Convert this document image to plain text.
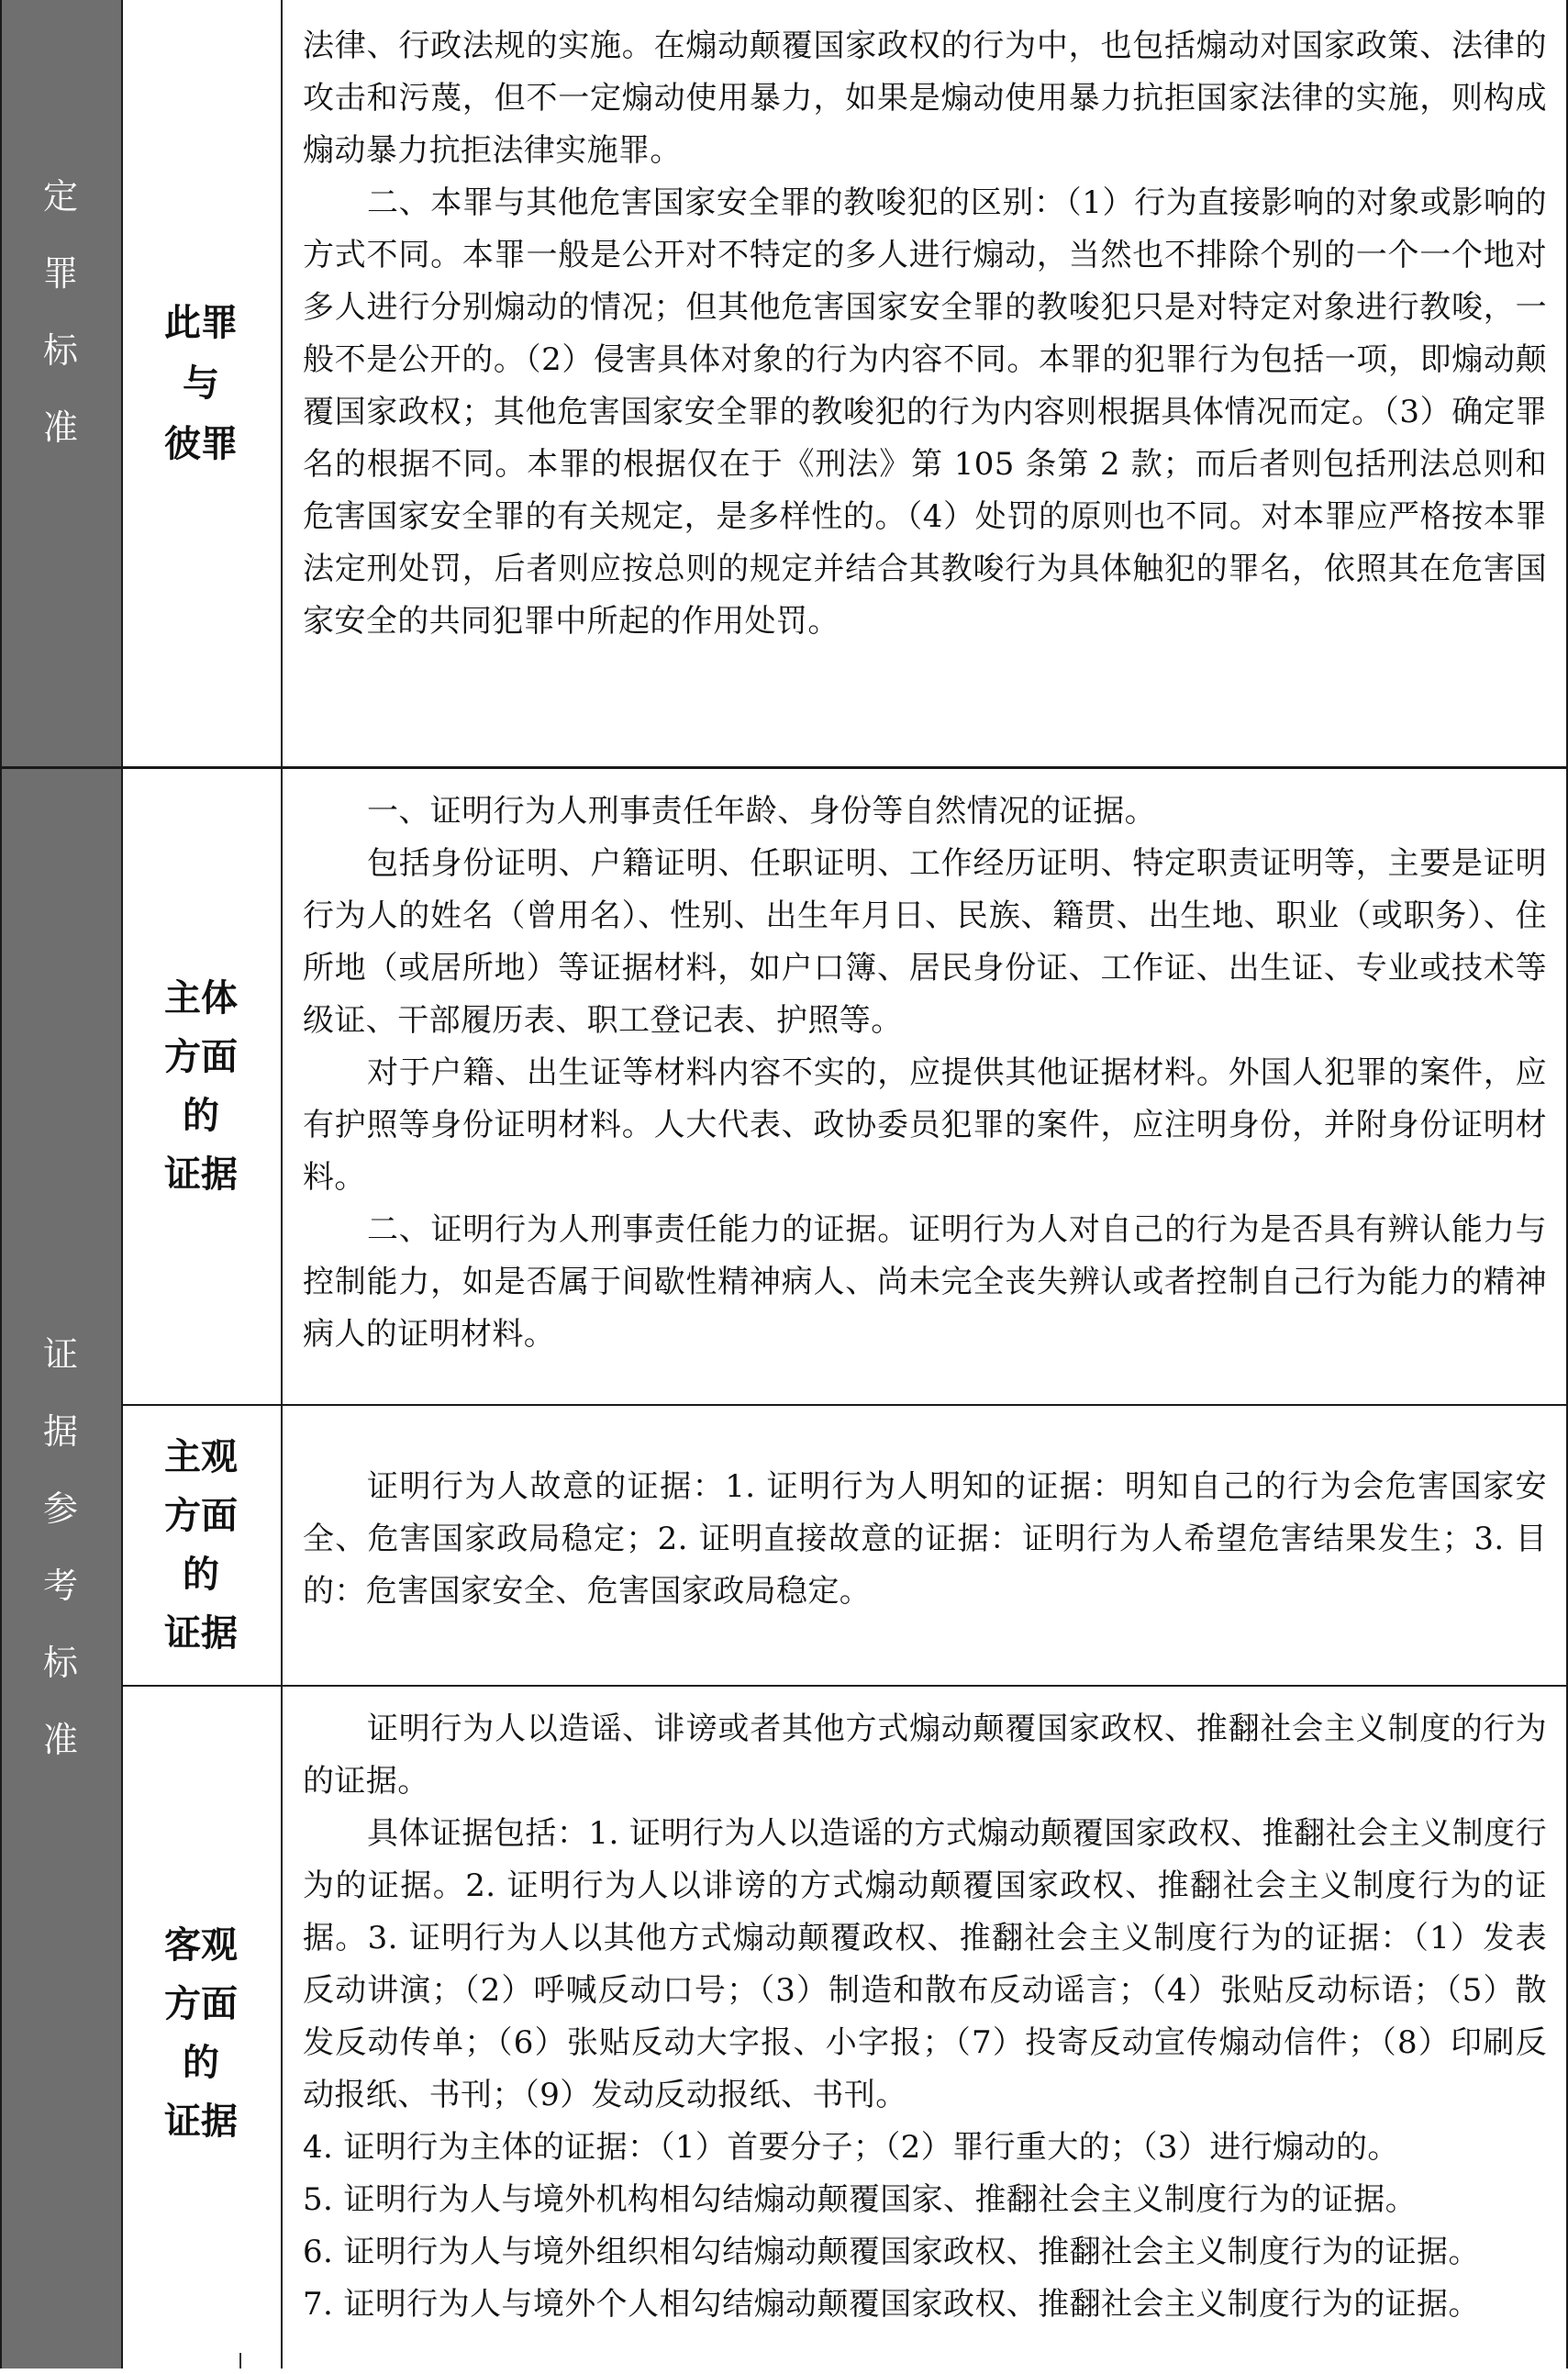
定
罪
标
准
证
据
参
考
标
准
此罪
与
彼罪
主体
方面
的
证据
主观
方面
的
证据
客观
方面
的
证据

法律、行政法规的实施。在煽动颠覆国家政权的行为中，也包括煽动对国家政策、法律的攻击和污蔑，但不一定煽动使用暴力，如果是煽动使用暴力抗拒国家法律的实施，则构成煽动暴力抗拒法律实施罪。

二、本罪与其他危害国家安全罪的教唆犯的区别：（1）行为直接影响的对象或影响的方式不同。本罪一般是公开对不特定的多人进行煽动，当然也不排除个别的一个一个地对多人进行分别煽动的情况；但其他危害国家安全罪的教唆犯只是对特定对象进行教唆，一般不是公开的。（2）侵害具体对象的行为内容不同。本罪的犯罪行为包括一项，即煽动颠覆国家政权；其他危害国家安全罪的教唆犯的行为内容则根据具体情况而定。（3）确定罪名的根据不同。本罪的根据仅在于《刑法》第 105 条第 2 款；而后者则包括刑法总则和危害国家安全罪的有关规定，是多样性的。（4）处罚的原则也不同。对本罪应严格按本罪法定刑处罚，后者则应按总则的规定并结合其教唆行为具体触犯的罪名，依照其在危害国家安全的共同犯罪中所起的作用处罚。

一、证明行为人刑事责任年龄、身份等自然情况的证据。

包括身份证明、户籍证明、任职证明、工作经历证明、特定职责证明等，主要是证明行为人的姓名（曾用名）、性别、出生年月日、民族、籍贯、出生地、职业（或职务）、住所地（或居所地）等证据材料，如户口簿、居民身份证、工作证、出生证、专业或技术等级证、干部履历表、职工登记表、护照等。

对于户籍、出生证等材料内容不实的，应提供其他证据材料。外国人犯罪的案件，应有护照等身份证明材料。人大代表、政协委员犯罪的案件，应注明身份，并附身份证明材料。

二、证明行为人刑事责任能力的证据。证明行为人对自己的行为是否具有辨认能力与控制能力，如是否属于间歇性精神病人、尚未完全丧失辨认或者控制自己行为能力的精神病人的证明材料。

证明行为人故意的证据：1. 证明行为人明知的证据：明知自己的行为会危害国家安全、危害国家政局稳定；2. 证明直接故意的证据：证明行为人希望危害结果发生；3. 目的：危害国家安全、危害国家政局稳定。

证明行为人以造谣、诽谤或者其他方式煽动颠覆国家政权、推翻社会主义制度的行为的证据。

具体证据包括：1. 证明行为人以造谣的方式煽动颠覆国家政权、推翻社会主义制度行为的证据。2. 证明行为人以诽谤的方式煽动颠覆国家政权、推翻社会主义制度行为的证据。3. 证明行为人以其他方式煽动颠覆政权、推翻社会主义制度行为的证据：（1）发表反动讲演；（2）呼喊反动口号；（3）制造和散布反动谣言；（4）张贴反动标语；（5）散发反动传单；（6）张贴反动大字报、小字报；（7）投寄反动宣传煽动信件；（8）印刷反动报纸、书刊；（9）发动反动报纸、书刊。

4. 证明行为主体的证据：（1）首要分子；（2）罪行重大的；（3）进行煽动的。

5. 证明行为人与境外机构相勾结煽动颠覆国家、推翻社会主义制度行为的证据。

6. 证明行为人与境外组织相勾结煽动颠覆国家政权、推翻社会主义制度行为的证据。

7. 证明行为人与境外个人相勾结煽动颠覆国家政权、推翻社会主义制度行为的证据。
